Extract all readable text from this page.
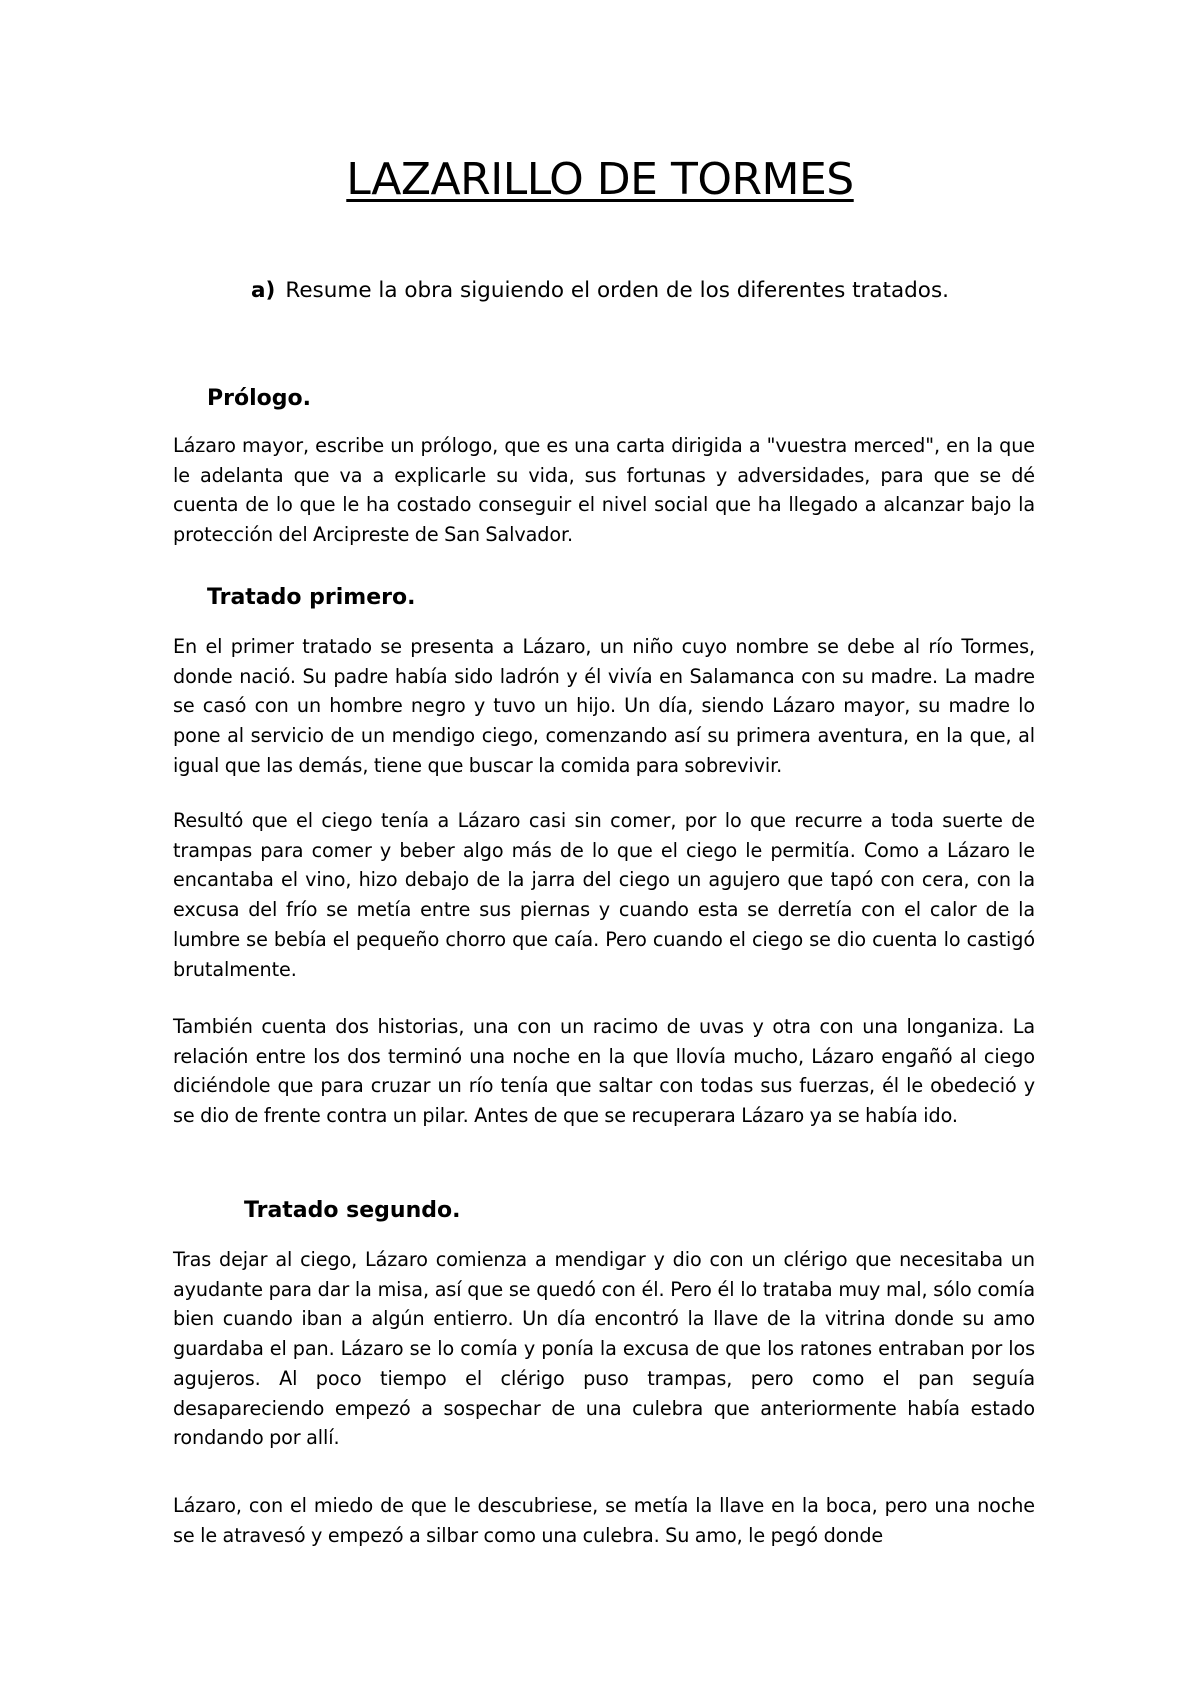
LAZARILLO DE TORMES
a) Resume la obra siguiendo el orden de los diferentes tratados.
Prólogo.

Lázaro mayor, escribe un prólogo, que es una carta dirigida a "vuestra merced", en la que le adelanta que va a explicarle su vida, sus fortunas y adversidades, para que se dé cuenta de lo que le ha costado conseguir el nivel social que ha llegado a alcanzar bajo la protección del Arcipreste de San Salvador.

Tratado primero.

En el primer tratado se presenta a Lázaro, un niño cuyo nombre se debe al río Tormes, donde nació. Su padre había sido ladrón y él vivía en Salamanca con su madre. La madre se casó con un hombre negro y tuvo un hijo. Un día, siendo Lázaro mayor, su madre lo pone al servicio de un mendigo ciego, comenzando así su primera aventura, en la que, al igual que las demás, tiene que buscar la comida para sobrevivir.

Resultó que el ciego tenía a Lázaro casi sin comer, por lo que recurre a toda suerte de trampas para comer y beber algo más de lo que el ciego le permitía. Como a Lázaro le encantaba el vino, hizo debajo de la jarra del ciego un agujero que tapó con cera, con la excusa del frío se metía entre sus piernas y cuando esta se derretía con el calor de la lumbre se bebía el pequeño chorro que caía. Pero cuando el ciego se dio cuenta lo castigó brutalmente.

También cuenta dos historias, una con un racimo de uvas y otra con una longaniza. La relación entre los dos terminó una noche en la que llovía mucho, Lázaro engañó al ciego diciéndole que para cruzar un río tenía que saltar con todas sus fuerzas, él le obedeció y se dio de frente contra un pilar. Antes de que se recuperara Lázaro ya se había ido.

Tratado segundo.

Tras dejar al ciego, Lázaro comienza a mendigar y dio con un clérigo que necesitaba un ayudante para dar la misa, así que se quedó con él. Pero él lo trataba muy mal, sólo comía bien cuando iban a algún entierro. Un día encontró la llave de la vitrina donde su amo guardaba el pan. Lázaro se lo comía y ponía la excusa de que los ratones entraban por los agujeros. Al poco tiempo el clérigo puso trampas, pero como el pan seguía desapareciendo empezó a sospechar de una culebra que anteriormente había estado rondando por allí.

Lázaro, con el miedo de que le descubriese, se metía la llave en la boca, pero una noche se le atravesó y empezó a silbar como una culebra. Su amo, le pegó donde
